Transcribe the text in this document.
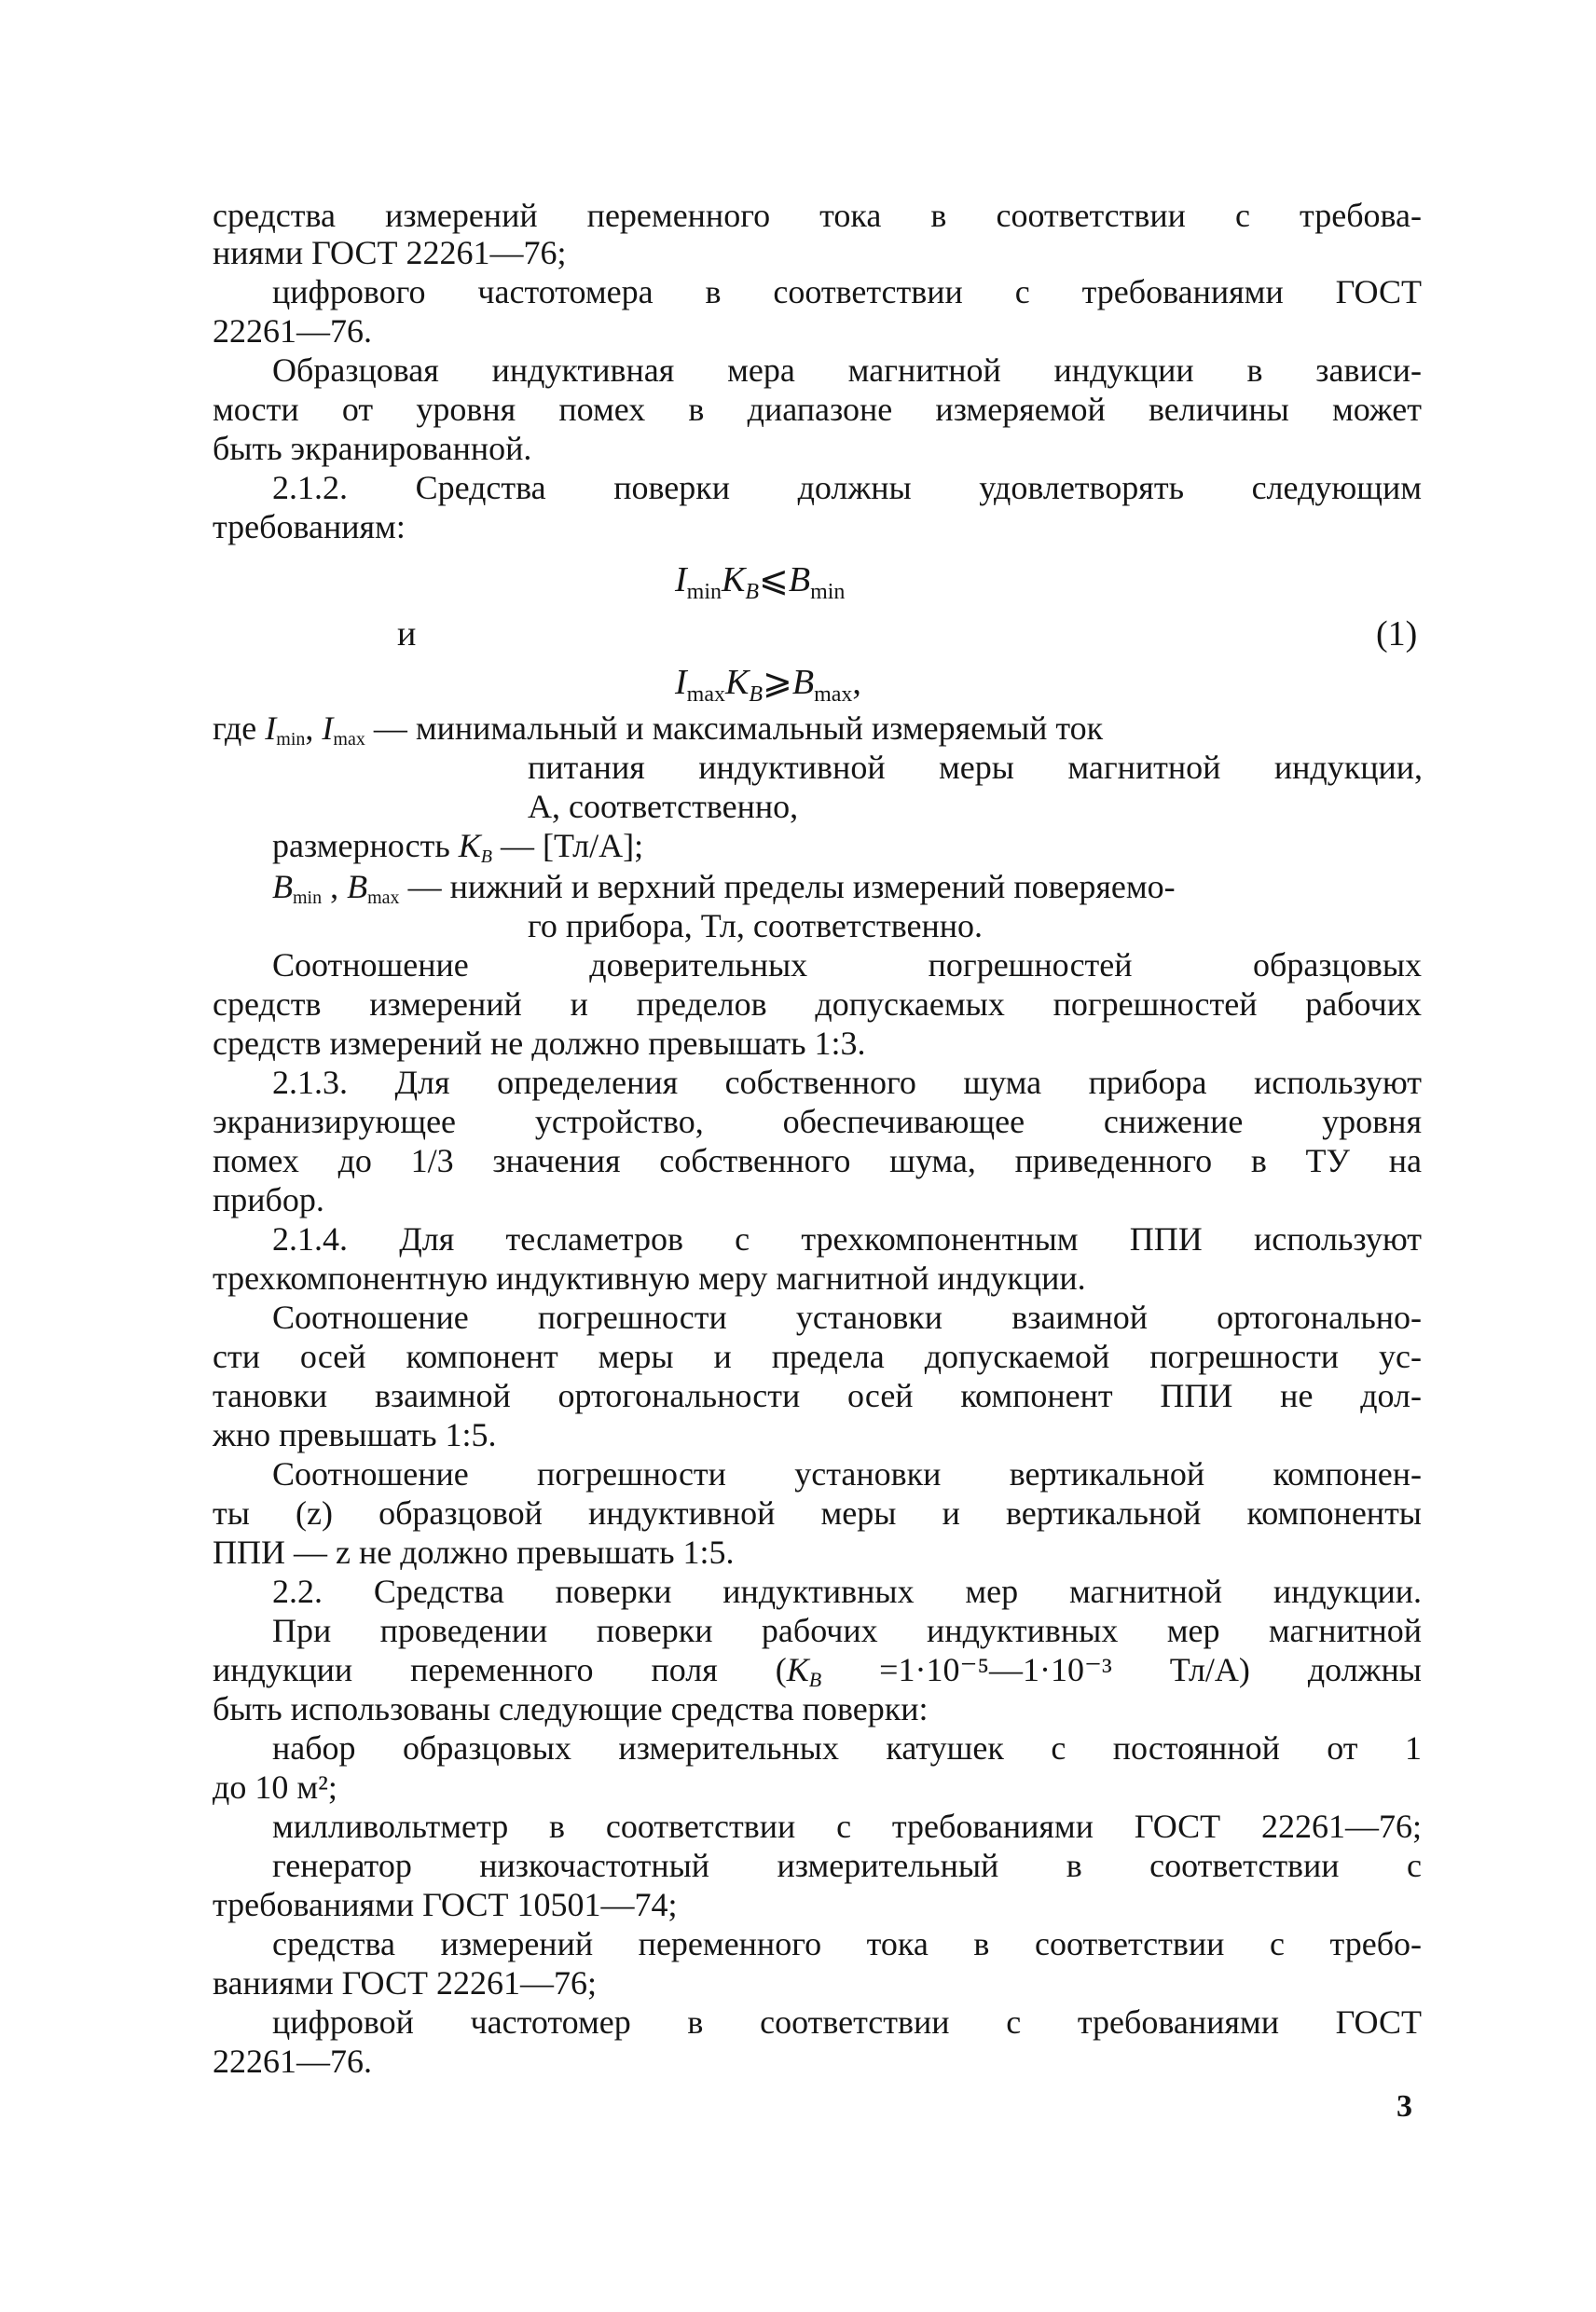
средства измерений переменного тока в соответствии с требова-
ниями ГОСТ 22261—76;
цифрового частотомера в соответствии с требованиями ГОСТ
22261—76.
Образцовая индуктивная мера магнитной индукции в зависи-
мости от уровня помех в диапазоне измеряемой величины может
быть экранированной.
2.1.2. Средства поверки должны удовлетворять следующим
требованиям:
$I_{min}K_B⩽B_{min}$
и	(1)
$I_{max}K_B⩾B_{max}$,
где $I_{min}$, $I_{max}$ — минимальный и максимальный измеряемый ток
питания индуктивной меры магнитной индукции,
А, соответственно,
размерность $K_B$ — [Тл/А];
$B_{min}$ , $B_{max}$ — нижний и верхний пределы измерений поверяемо-
го прибора, Тл, соответственно.
Соотношение доверительных погрешностей образцовых
средств измерений и пределов допускаемых погрешностей рабочих
средств измерений не должно превышать 1:3.
2.1.3. Для определения собственного шума прибора используют
экранизирующее устройство, обеспечивающее снижение уровня
помех до 1/3 значения собственного шума, приведенного в ТУ на
прибор.
2.1.4. Для тесламетров с трехкомпонентным ППИ используют
трехкомпонентную индуктивную меру магнитной индукции.
Соотношение погрешности установки взаимной ортогонально-
сти осей компонент меры и предела допускаемой погрешности ус-
тановки взаимной ортогональности осей компонент ППИ не дол-
жно превышать 1:5.
Соотношение погрешности установки вертикальной компонен-
ты (z) образцовой индуктивной меры и вертикальной компоненты
ППИ — z не должно превышать 1:5.
2.2. Средства поверки индуктивных мер магнитной индукции.
При проведении поверки рабочих индуктивных мер магнитной
индукции переменного поля ($K_B$ =1·10⁻⁵—1·10⁻³ Тл/А) должны
быть использованы следующие средства поверки:
набор образцовых измерительных катушек с постоянной от 1
до 10 м²;
милливольтметр в соответствии с требованиями ГОСТ 22261—76;
генератор низкочастотный измерительный в соответствии с
требованиями ГОСТ 10501—74;
средства измерений переменного тока в соответствии с требо-
ваниями ГОСТ 22261—76;
цифровой частотомер в соответствии с требованиями ГОСТ
22261—76.
3
